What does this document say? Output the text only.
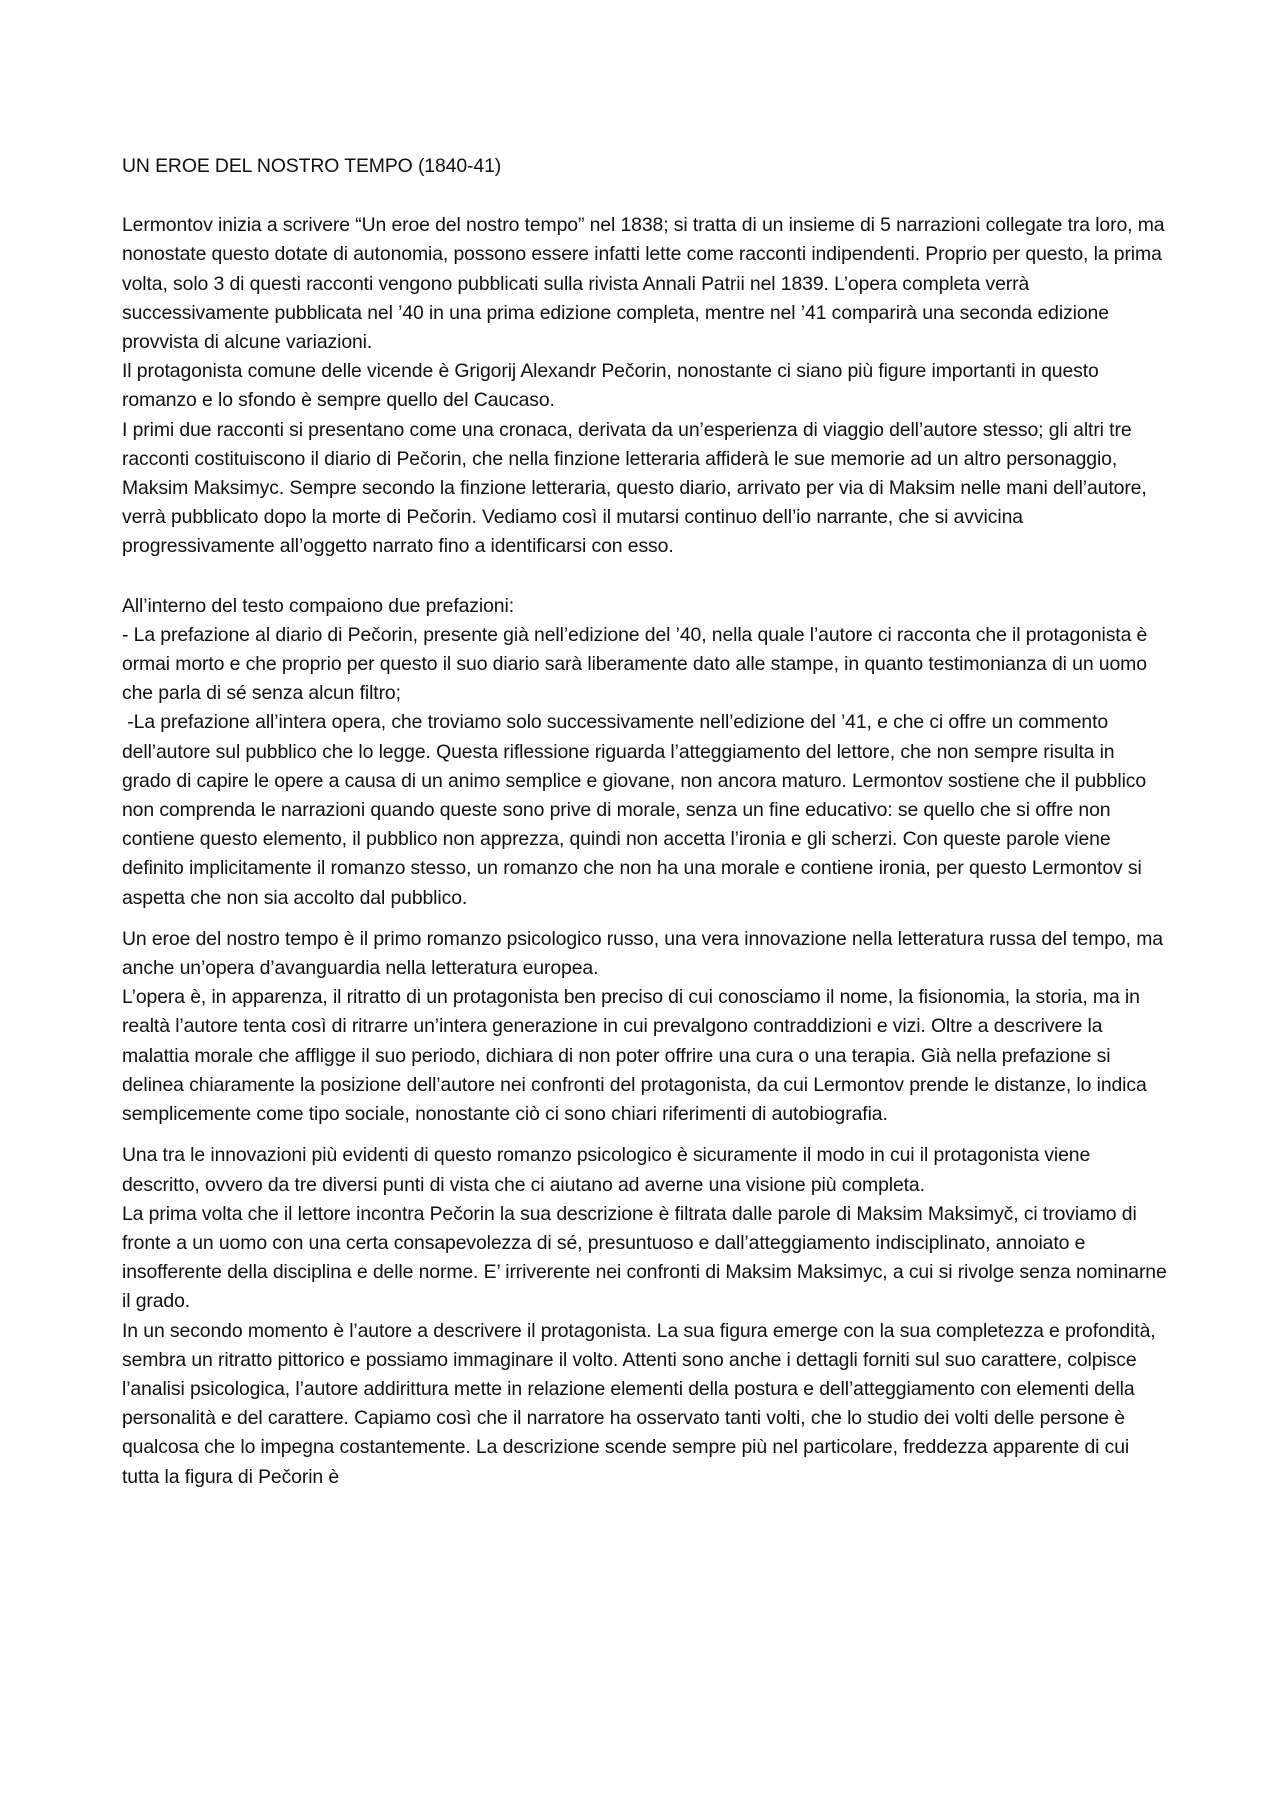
UN EROE DEL NOSTRO TEMPO (1840-41)

Lermontov inizia a scrivere “Un eroe del nostro tempo” nel 1838; si tratta di un insieme di 5 narrazioni collegate tra loro, ma nonostate questo dotate di autonomia, possono essere infatti lette come racconti indipendenti. Proprio per questo, la prima volta, solo 3 di questi racconti vengono pubblicati sulla rivista Annali Patrii nel 1839. L’opera completa verrà successivamente pubblicata nel ’40 in una prima edizione completa, mentre nel ’41 comparirà una seconda edizione provvista di alcune variazioni.

Il protagonista comune delle vicende è Grigorij Alexandr Pečorin, nonostante ci siano più figure importanti in questo romanzo e lo sfondo è sempre quello del Caucaso.

I primi due racconti si presentano come una cronaca, derivata da un’esperienza di viaggio dell’autore stesso; gli altri tre racconti costituiscono il diario di Pečorin, che nella finzione letteraria affiderà le sue memorie ad un altro personaggio, Maksim Maksimyc. Sempre secondo la finzione letteraria, questo diario, arrivato per via di Maksim nelle mani dell’autore, verrà pubblicato dopo la morte di Pečorin. Vediamo così il mutarsi continuo dell’io narrante, che si avvicina progressivamente all’oggetto narrato fino a identificarsi con esso.

All’interno del testo compaiono due prefazioni:

- La prefazione al diario di Pečorin, presente già nell’edizione del ’40, nella quale l’autore ci racconta che il protagonista è ormai morto e che proprio per questo il suo diario sarà liberamente dato alle stampe, in quanto testimonianza di un uomo che parla di sé senza alcun filtro;

-La prefazione all’intera opera, che troviamo solo successivamente nell’edizione del ’41, e che ci offre un commento dell’autore sul pubblico che lo legge. Questa riflessione riguarda l’atteggiamento del lettore, che non sempre risulta in grado di capire le opere a causa di un animo semplice e giovane, non ancora maturo. Lermontov sostiene che il pubblico non comprenda le narrazioni quando queste sono prive di morale, senza un fine educativo: se quello che si offre non contiene questo elemento, il pubblico non apprezza, quindi non accetta l’ironia e gli scherzi. Con queste parole viene definito implicitamente il romanzo stesso, un romanzo che non ha una morale e contiene ironia, per questo Lermontov si aspetta che non sia accolto dal pubblico.

Un eroe del nostro tempo è il primo romanzo psicologico russo, una vera innovazione nella letteratura russa del tempo, ma anche un’opera d’avanguardia nella letteratura europea.

L’opera è, in apparenza, il ritratto di un protagonista ben preciso di cui conosciamo il nome, la fisionomia, la storia, ma in realtà l’autore tenta così di ritrarre un’intera generazione in cui prevalgono contraddizioni e vizi. Oltre a descrivere la malattia morale che affligge il suo periodo, dichiara di non poter offrire una cura o una terapia. Già nella prefazione si delinea chiaramente la posizione dell’autore nei confronti del protagonista, da cui Lermontov prende le distanze, lo indica semplicemente come tipo sociale, nonostante ciò ci sono chiari riferimenti di autobiografia.

Una tra le innovazioni più evidenti di questo romanzo psicologico è sicuramente il modo in cui il protagonista viene descritto, ovvero da tre diversi punti di vista che ci aiutano ad averne una visione più completa.

La prima volta che il lettore incontra Pečorin la sua descrizione è filtrata dalle parole di Maksim Maksimyč, ci troviamo di fronte a un uomo con una certa consapevolezza di sé, presuntuoso e dall’atteggiamento indisciplinato, annoiato e insofferente della disciplina e delle norme. E’ irriverente nei confronti di Maksim Maksimyc, a cui si rivolge senza nominarne il grado.

In un secondo momento è l’autore a descrivere il protagonista. La sua figura emerge con la sua completezza e profondità, sembra un ritratto pittorico e possiamo immaginare il volto. Attenti sono anche i dettagli forniti sul suo carattere, colpisce l’analisi psicologica, l’autore addirittura mette in relazione elementi della postura e dell’atteggiamento con elementi della personalità e del carattere. Capiamo così che il narratore ha osservato tanti volti, che lo studio dei volti delle persone è qualcosa che lo impegna costantemente. La descrizione scende sempre più nel particolare, freddezza apparente di cui tutta la figura di Pečorin è
